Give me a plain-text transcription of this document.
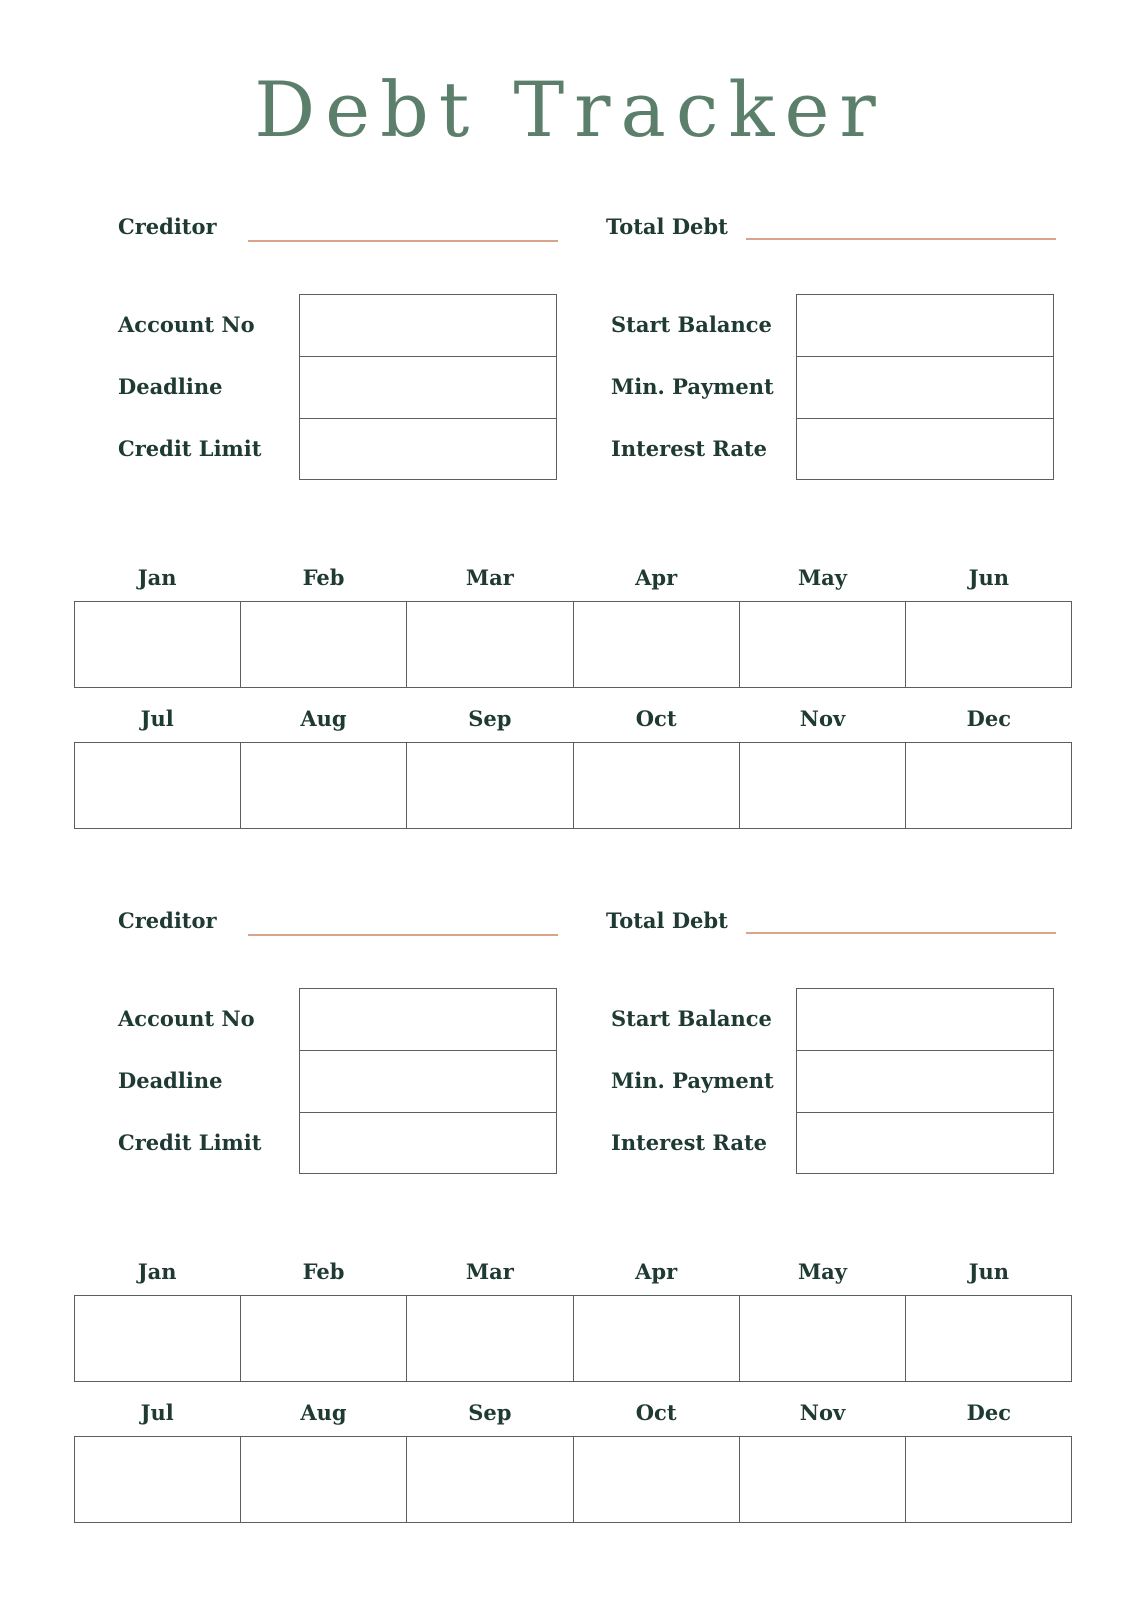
Debt Tracker
Creditor	Total Debt
Account No
Deadline
Credit Limit
Start Balance
Min. Payment
Interest Rate
Jan	Feb	Mar	Apr	May	Jun
Jul	Aug	Sep	Oct	Nov	Dec
Creditor	Total Debt
Account No
Deadline
Credit Limit
Start Balance
Min. Payment
Interest Rate
Jan	Feb	Mar	Apr	May	Jun
Jul	Aug	Sep	Oct	Nov	Dec
